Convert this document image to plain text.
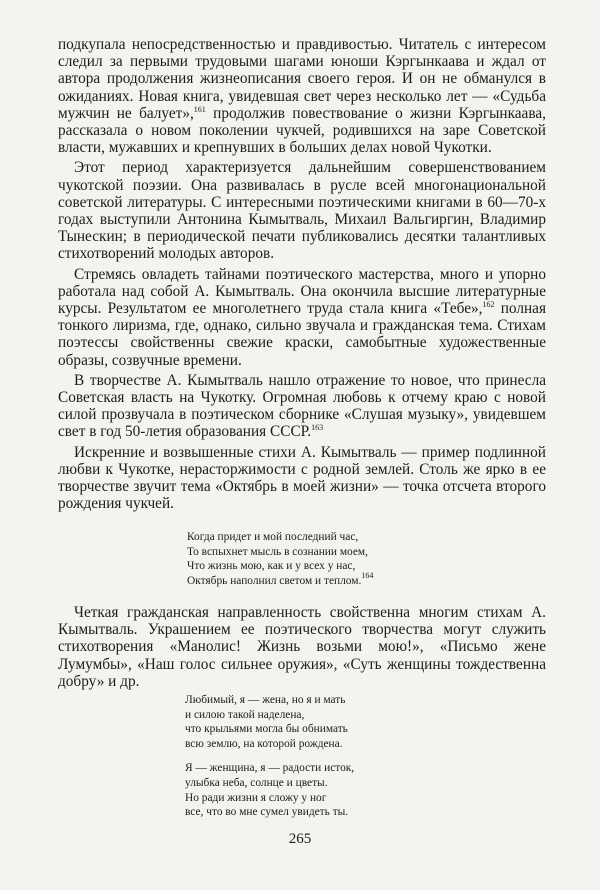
подкупала непосредственностью и правдивостью. Читатель с интересом следил за первыми трудовыми шагами юноши Кэргынкаава и ждал от автора продолжения жизнеописания своего героя. И он не обманулся в ожиданиях. Новая книга, увидевшая свет через несколько лет — «Судьба мужчин не балует»,$^{161}$ продолжив повествование о жизни Кэргынкаава, рассказала о новом поколении чукчей, родившихся на заре Советской власти, мужавших и крепнувших в больших делах новой Чукотки.

Этот период характеризуется дальнейшим совершенствованием чукотской поэзии. Она развивалась в русле всей многонациональной советской литературы. С интересными поэтическими книгами в 60—70-х годах выступили Антонина Кымытваль, Михаил Вальгиргин, Владимир Тынескин; в периодической печати публиковались десятки талантливых стихотворений молодых авторов.

Стремясь овладеть тайнами поэтического мастерства, много и упорно работала над собой А. Кымытваль. Она окончила высшие литературные курсы. Результатом ее многолетнего труда стала книга «Тебе»,$^{162}$ полная тонкого лиризма, где, однако, сильно звучала и гражданская тема. Стихам поэтессы свойственны свежие краски, самобытные художественные образы, созвучные времени.

В творчестве А. Кымытваль нашло отражение то новое, что принесла Советская власть на Чукотку. Огромная любовь к отчему краю с новой силой прозвучала в поэтическом сборнике «Слушая музыку», увидевшем свет в год 50-летия образования СССР.$^{163}$

Искренние и возвышенные стихи А. Кымытваль — пример подлинной любви к Чукотке, нерасторжимости с родной землей. Столь же ярко в ее творчестве звучит тема «Октябрь в моей жизни» — точка отсчета второго рождения чукчей.

Когда придет и мой последний час,
То вспыхнет мысль в сознании моем,
Что жизнь мою, как и у всех у нас,
Октябрь наполнил светом и теплом.$^{164}$

Четкая гражданская направленность свойственна многим стихам А. Кымытваль. Украшением ее поэтического творчества могут служить стихотворения «Манолис! Жизнь возьми мою!», «Письмо жене Лумумбы», «Наш голос сильнее оружия», «Суть женщины тождественна добру» и др.

Любимый, я — жена, но я и мать
и силою такой наделена,
что крыльями могла бы обнимать
всю землю, на которой рождена.
Я — женщина, я — радости исток,
улыбка неба, солнце и цветы.
Но ради жизни я сложу у ног
все, что во мне сумел увидеть ты.
265
